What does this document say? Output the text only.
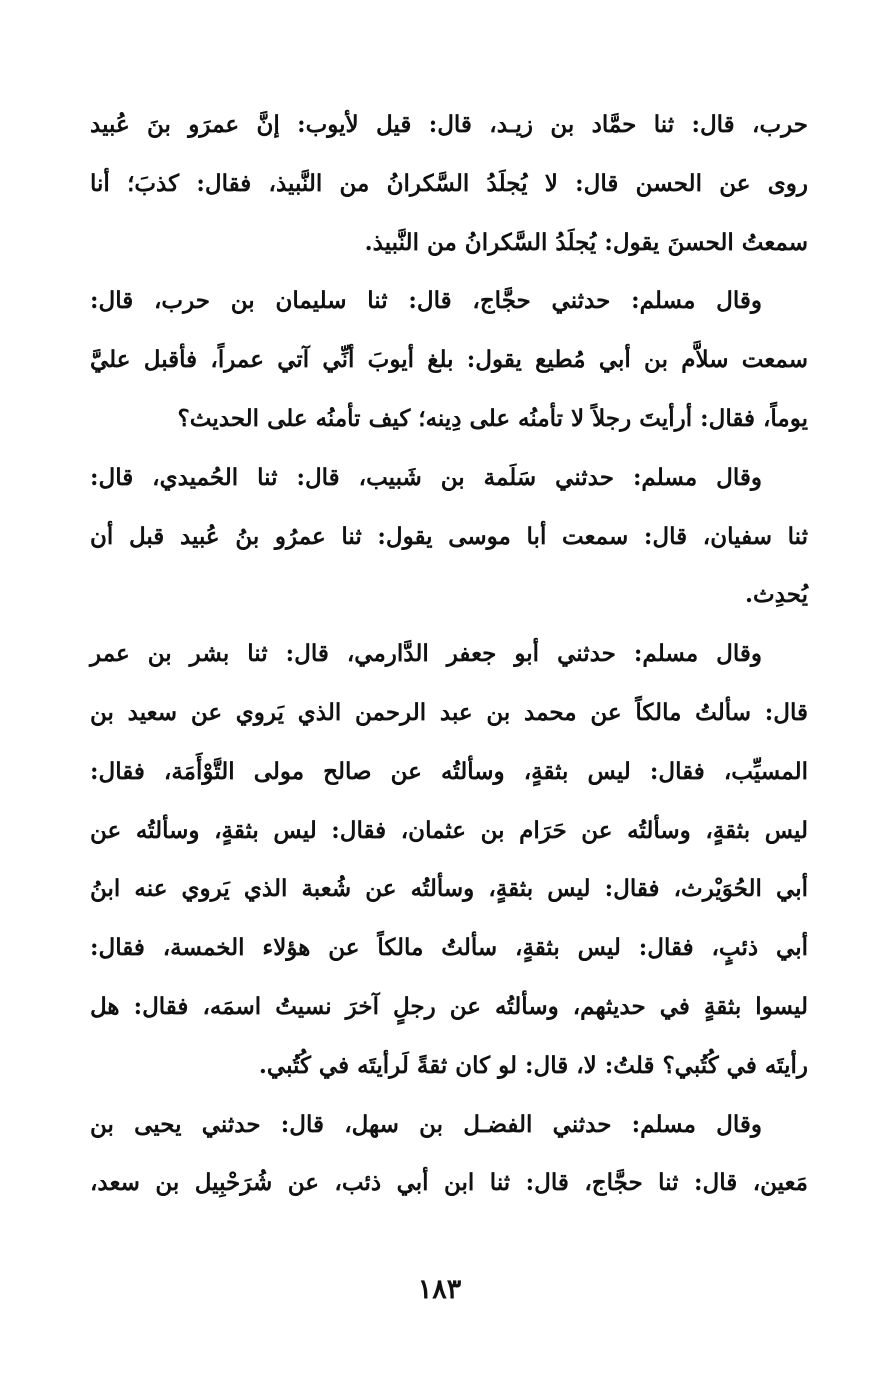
حرب، قال: ثنا حمَّاد بن زيـد، قال: قيل لأيوب: إنَّ عمرَو بنَ عُبيد
روى عن الحسن قال: لا يُجلَدُ السَّكرانُ من النَّبيذ، فقال: كذبَ؛ أنا
سمعتُ الحسنَ يقول: يُجلَدُ السَّكرانُ من النَّبيذ.
وقال مسلم: حدثني حجَّاج، قال: ثنا سليمان بن حرب، قال:
سمعت سلاَّم بن أبي مُطيع يقول: بلغ أيوبَ أنِّي آتي عمراً، فأقبل عليَّ
يوماً، فقال: أرأيتَ رجلاً لا تأمنُه على دِينه؛ كيف تأمنُه على الحديث؟
وقال مسلم: حدثني سَلَمة بن شَبيب، قال: ثنا الحُميدي، قال:
ثنا سفيان، قال: سمعت أبا موسى يقول: ثنا عمرُو بنُ عُبيد قبل أن
يُحدِث.
وقال مسلم: حدثني أبو جعفر الدَّارمي، قال: ثنا بشر بن عمر
قال: سألتُ مالكاً عن محمد بن عبد الرحمن الذي يَروي عن سعيد بن
المسيِّب، فقال: ليس بثقةٍ، وسألتُه عن صالح مولى التَّوْأَمَة، فقال:
ليس بثقةٍ، وسألتُه عن حَرَام بن عثمان، فقال: ليس بثقةٍ، وسألتُه عن
أبي الحُوَيْرث، فقال: ليس بثقةٍ، وسألتُه عن شُعبة الذي يَروي عنه ابنُ
أبي ذئبٍ، فقال: ليس بثقةٍ، سألتُ مالكاً عن هؤلاء الخمسة، فقال:
ليسوا بثقةٍ في حديثهم، وسألتُه عن رجلٍ آخرَ نسيتُ اسمَه، فقال: هل
رأيتَه في كُتُبي؟ قلتُ: لا، قال: لو كان ثقةً لَرأيتَه في كُتُبي.
وقال مسلم: حدثني الفضـل بن سهل، قال: حدثني يحيى بن
مَعين، قال: ثنا حجَّاج، قال: ثنا ابن أبي ذئب، عن شُرَحْبِيل بن سعد،
١٨٣
